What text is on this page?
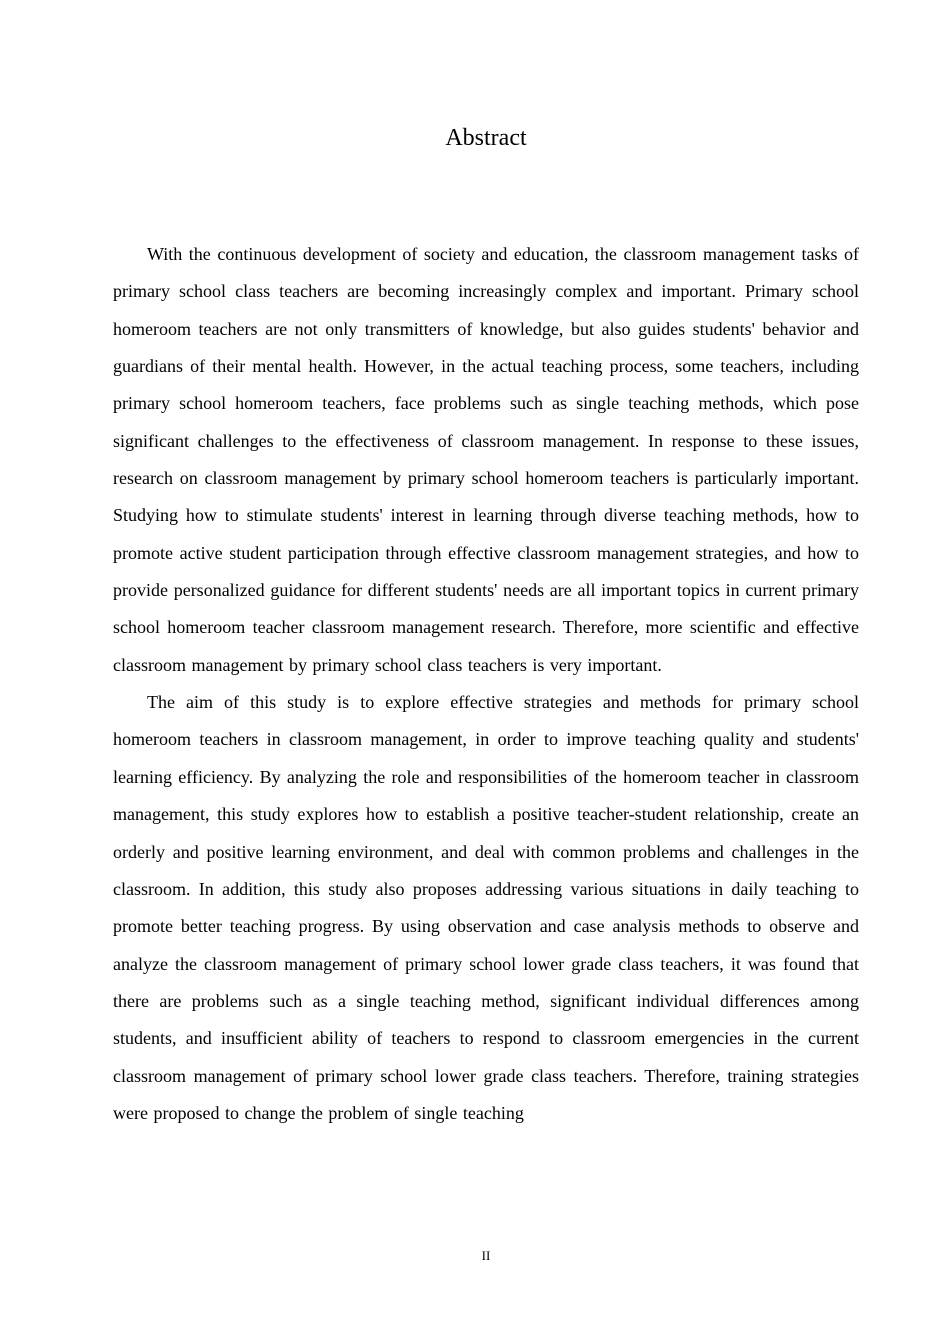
Abstract

With the continuous development of society and education, the classroom management tasks of primary school class teachers are becoming increasingly complex and important. Primary school homeroom teachers are not only transmitters of knowledge, but also guides students' behavior and guardians of their mental health. However, in the actual teaching process, some teachers, including primary school homeroom teachers, face problems such as single teaching methods, which pose significant challenges to the effectiveness of classroom management. In response to these issues, research on classroom management by primary school homeroom teachers is particularly important. Studying how to stimulate students' interest in learning through diverse teaching methods, how to promote active student participation through effective classroom management strategies, and how to provide personalized guidance for different students' needs are all important topics in current primary school homeroom teacher classroom management research. Therefore, more scientific and effective classroom management by primary school class teachers is very important.

The aim of this study is to explore effective strategies and methods for primary school homeroom teachers in classroom management, in order to improve teaching quality and students' learning efficiency. By analyzing the role and responsibilities of the homeroom teacher in classroom management, this study explores how to establish a positive teacher-student relationship, create an orderly and positive learning environment, and deal with common problems and challenges in the classroom. In addition, this study also proposes addressing various situations in daily teaching to promote better teaching progress. By using observation and case analysis methods to observe and analyze the classroom management of primary school lower grade class teachers, it was found that there are problems such as a single teaching method, significant individual differences among students, and insufficient ability of teachers to respond to classroom emergencies in the current classroom management of primary school lower grade class teachers. Therefore, training strategies were proposed to change the problem of single teaching

II
